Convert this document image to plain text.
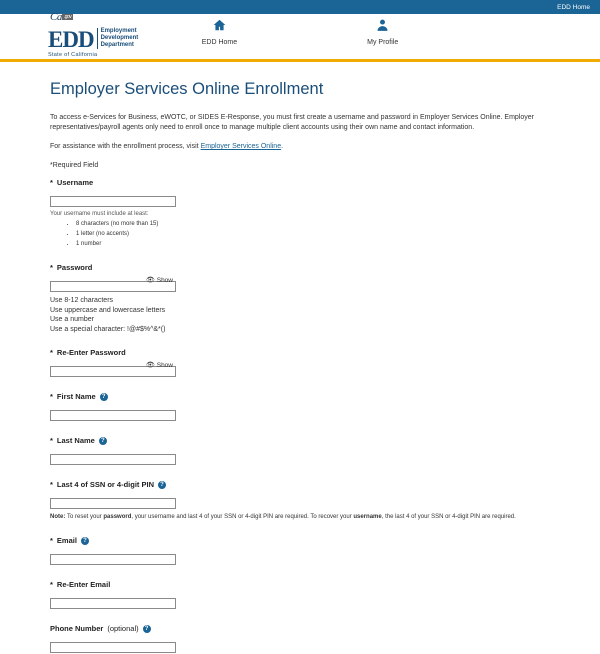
EDD Home
Ca .gov
EDD Employment
Development
Department
State of California
EDD Home	My Profile
Employer Services Online Enrollment
To access e-Services for Business, eWOTC, or SIDES E-Response, you must first create a username and password in Employer Services Online. Employer representatives/payroll agents only need to enroll once to manage multiple client accounts using their own name and contact information.
For assistance with the enrollment process, visit Employer Services Online.
*Required Field
* Username
Your username must include at least:
• 8 characters (no more than 15)
• 1 letter (no accents)
• 1 number
* Password
👁 Show
Use 8-12 characters
Use uppercase and lowercase letters
Use a number
Use a special character: !@#$%^&*()
* Re-Enter Password
👁 Show
* First Name	?
* Last Name	?
* Last 4 of SSN or 4-digit PIN	?
Note: To reset your password, your username and last 4 of your SSN or 4-digit PIN are required. To recover your username, the last 4 of your SSN or 4-digit PIN are required.
* Email	?
* Re-Enter Email
Phone Number (optional)	?
